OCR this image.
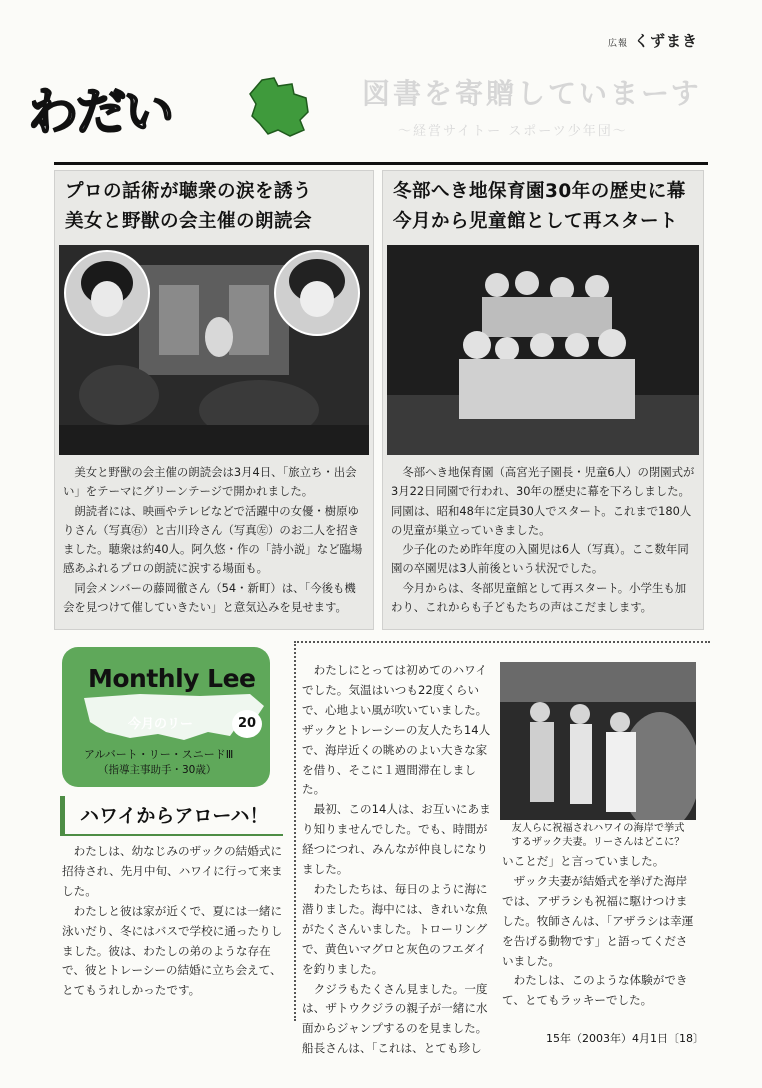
広報 くずまき
わだい	図書を寄贈していまーす
〜経営サイトー スポーツ少年団〜
プロの話術が聴衆の涙を誘う
美女と野獣の会主催の朗読会

美女と野獣の会主催の朗読会は3月4日、「旅立ち・出会い」をテーマにグリーンテージで開かれました。

朗読者には、映画やテレビなどで活躍中の女優・樹原ゆりさん（写真㊨）と古川玲さん（写真㊧）のお二人を招きました。聴衆は約40人。阿久悠・作の「詩小説」など臨場感あふれるプロの朗読に涙する場面も。

同会メンバーの藤岡徹さん（54・新町）は、「今後も機会を見つけて催していきたい」と意気込みを見せます。

冬部へき地保育園30年の歴史に幕
今月から児童館として再スタート

冬部へき地保育園（高宮光子園長・児童6人）の閉園式が3月22日同園で行われ、30年の歴史に幕を下ろしました。同園は、昭和48年に定員30人でスタート。これまで180人の児童が巣立っていきました。

少子化のため昨年度の入園児は6人（写真）。ここ数年同園の卒園児は3人前後という状況でした。

今月からは、冬部児童館として再スタート。小学生も加わり、これからも子どもたちの声はこだまします。

Monthly Lee
今月のリー	20
アルバート・リー・スニードⅢ
（指導主事助手・30歳）
ハワイからアローハ！

わたしは、幼なじみのザックの結婚式に招待され、先月中旬、ハワイに行って来ました。

わたしと彼は家が近くで、夏には一緒に泳いだり、冬にはバスで学校に通ったりしました。彼は、わたしの弟のような存在で、彼とトレーシーの結婚に立ち会えて、とてもうれしかったです。

わたしにとっては初めてのハワイでした。気温はいつも22度くらいで、心地よい風が吹いていました。ザックとトレーシーの友人たち14人で、海岸近くの眺めのよい大きな家を借り、そこに１週間滞在しました。

最初、この14人は、お互いにあまり知りませんでした。でも、時間が経つにつれ、みんなが仲良しになりました。

わたしたちは、毎日のように海に潜りました。海中には、きれいな魚がたくさんいました。トローリングで、黄色いマグロと灰色のフエダイを釣りました。

クジラもたくさん見ました。一度は、ザトウクジラの親子が一緒に水面からジャンプするのを見ました。船長さんは、「これは、とても珍し

友人らに祝福されハワイの海岸で挙式
するザック夫妻。リーさんはどこに？
いことだ」と言っていました。

ザック夫妻が結婚式を挙げた海岸では、アザラシも祝福に駆けつけました。牧師さんは、「アザラシは幸運を告げる動物です」と語ってくださいました。

わたしは、このような体験ができて、とてもラッキーでした。

15年（2003年）4月1日〔18〕
